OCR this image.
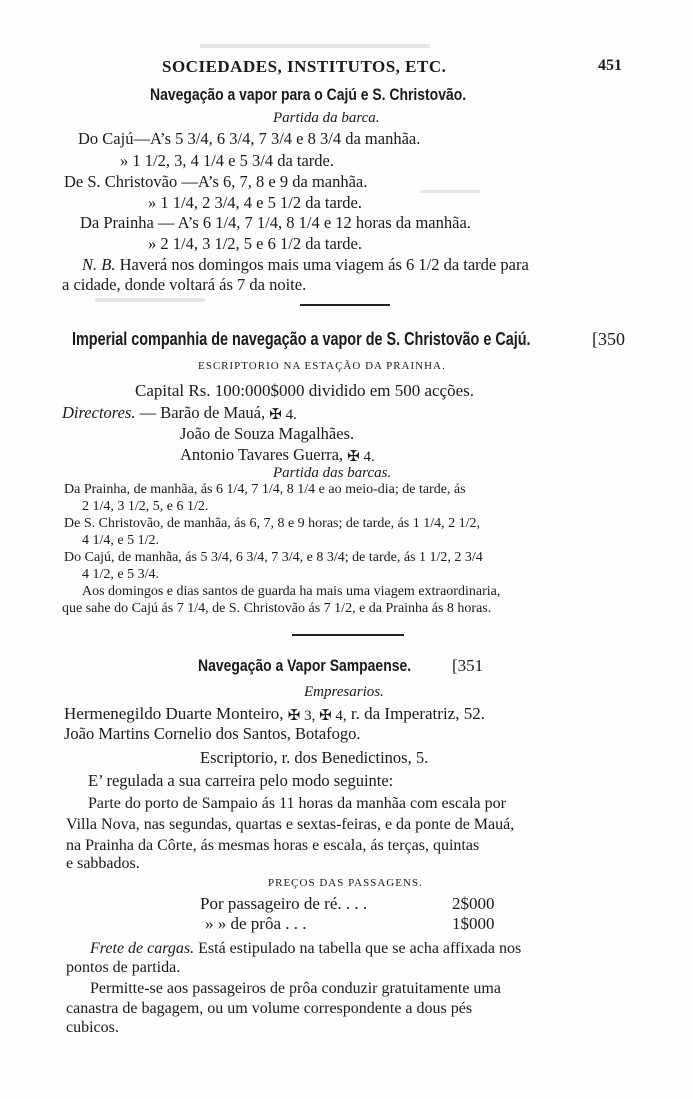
SOCIEDADES, INSTITUTOS, ETC.	451
Navegação a vapor para o Cajú e S. Christovão.
Partida da barca.
Do Cajú—A’s 5 3/4, 6 3/4, 7 3/4 e 8 3/4 da manhãa.
» 1 1/2, 3, 4 1/4 e 5 3/4 da tarde.
De S. Christovão —A’s 6, 7, 8 e 9 da manhãa.
» 1 1/4, 2 3/4, 4 e 5 1/2 da tarde.
Da Prainha — A’s 6 1/4, 7 1/4, 8 1/4 e 12 horas da manhãa.
» 2 1/4, 3 1/2, 5 e 6 1/2 da tarde.
N. B. Haverá nos domingos mais uma viagem ás 6 1/2 da tarde para
a cidade, donde voltará ás 7 da noite.
Imperial companhia de navegação a vapor de S. Christovão e Cajú.	[350
ESCRIPTORIO NA ESTAÇÃO DA PRAINHA.
Capital Rs. 100:000$000 dividido em 500 acções.
Directores. — Barão de Mauá, ✠ 4.
João de Souza Magalhães.
Antonio Tavares Guerra, ✠ 4.
Partida das barcas.
Da Prainha, de manhãa, ás 6 1/4, 7 1/4, 8 1/4 e ao meio-dia; de tarde, ás
2 1/4, 3 1/2, 5, e 6 1/2.
De S. Christovão, de manhãa, ás 6, 7, 8 e 9 horas; de tarde, ás 1 1/4, 2 1/2,
4 1/4, e 5 1/2.
Do Cajú, de manhãa, ás 5 3/4, 6 3/4, 7 3/4, e 8 3/4; de tarde, ás 1 1/2, 2 3/4
4 1/2, e 5 3/4.
Aos domingos e dias santos de guarda ha mais uma viagem extraordinaria,
que sahe do Cajú ás 7 1/4, de S. Christovão ás 7 1/2, e da Prainha ás 8 horas.
Navegação a Vapor Sampaense. [351
Empresarios.
Hermenegildo Duarte Monteiro, ✠ 3, ✠ 4, r. da Imperatriz, 52.
João Martins Cornelio dos Santos, Botafogo.
Escriptorio, r. dos Benedictinos, 5.
E’ regulada a sua carreira pelo modo seguinte:
Parte do porto de Sampaio ás 11 horas da manhãa com escala por
Villa Nova, nas segundas, quartas e sextas-feiras, e da ponte de Mauá,
na Prainha da Côrte, ás mesmas horas e escala, ás terças, quintas
e sabbados.
PREÇOS DAS PASSAGENS.
Por passageiro de ré. . . .	2$000
» » de prôa . . .	1$000
Frete de cargas. Está estipulado na tabella que se acha affixada nos
pontos de partida.
Permitte-se aos passageiros de prôa conduzir gratuitamente uma
canastra de bagagem, ou um volume correspondente a dous pés
cubicos.
